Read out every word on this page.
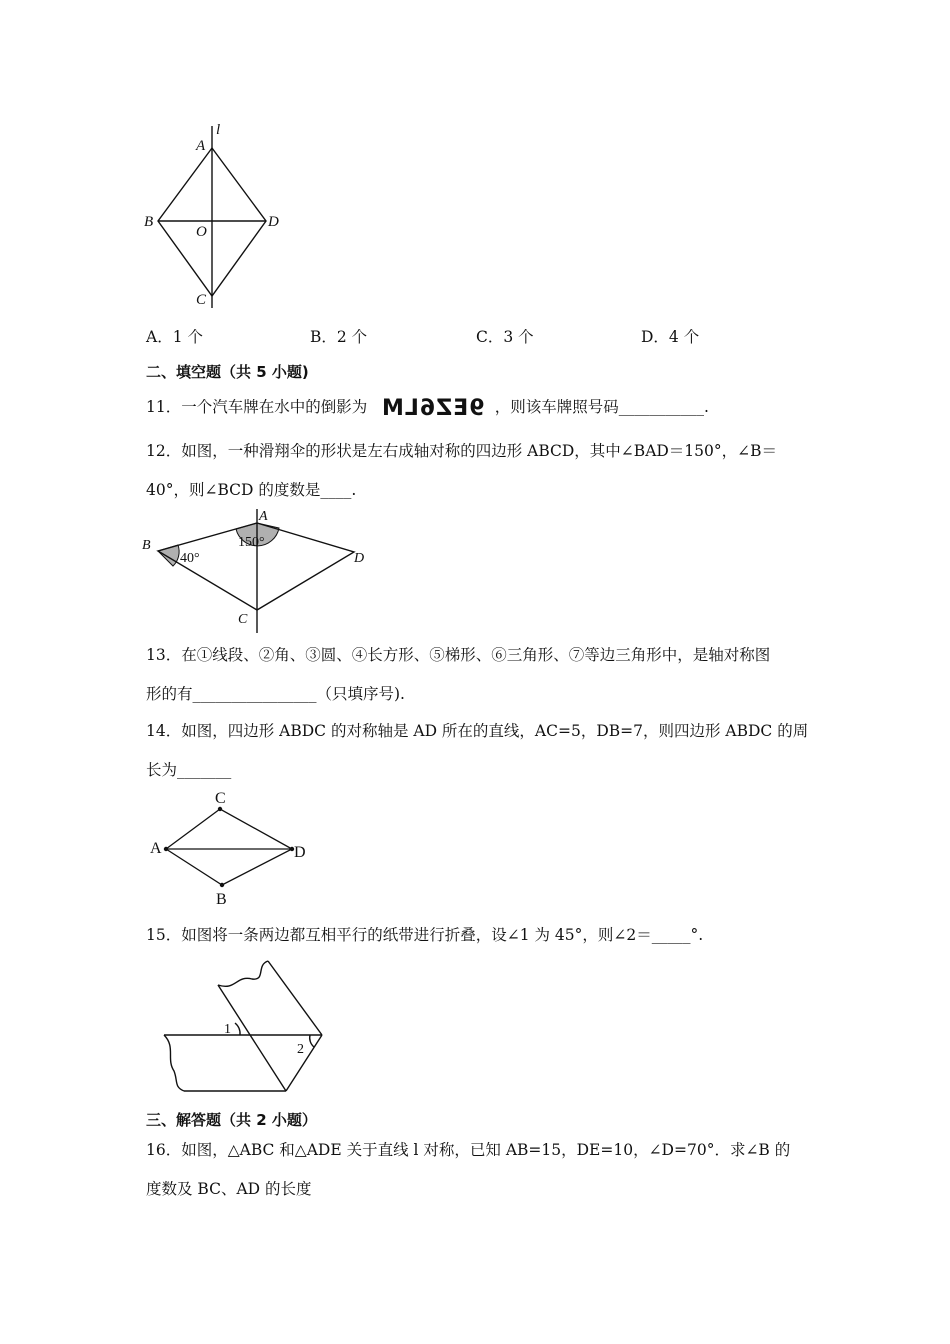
l
A
B	D
O
C
A．1 个	B．2 个	C．3 个	D．4 个
二、填空题（共 5 小题)
11．一个汽车牌在水中的倒影为 9EZ6LM ，则该车牌照号码___________.
12．如图，一种滑翔伞的形状是左右成轴对称的四边形 ABCD，其中∠BAD＝150°，∠B＝
40°，则∠BCD 的度数是____.
A
B
D
C
150°
40°
13．在①线段、②角、③圆、④长方形、⑤梯形、⑥三角形、⑦等边三角形中，是轴对称图
形的有________________（只填序号).
14．如图，四边形 ABDC 的对称轴是 AD 所在的直线，AC=5，DB=7，则四边形 ABDC 的周
长为_______
A
C
D
B
15．如图将一条两边都互相平行的纸带进行折叠，设∠1 为 45°，则∠2＝_____°.
1
2
三、解答题（共 2 小题）
16．如图，△ABC 和△ADE 关于直线 l 对称，已知 AB=15，DE=10，∠D=70°．求∠B 的
度数及 BC、AD 的长度
